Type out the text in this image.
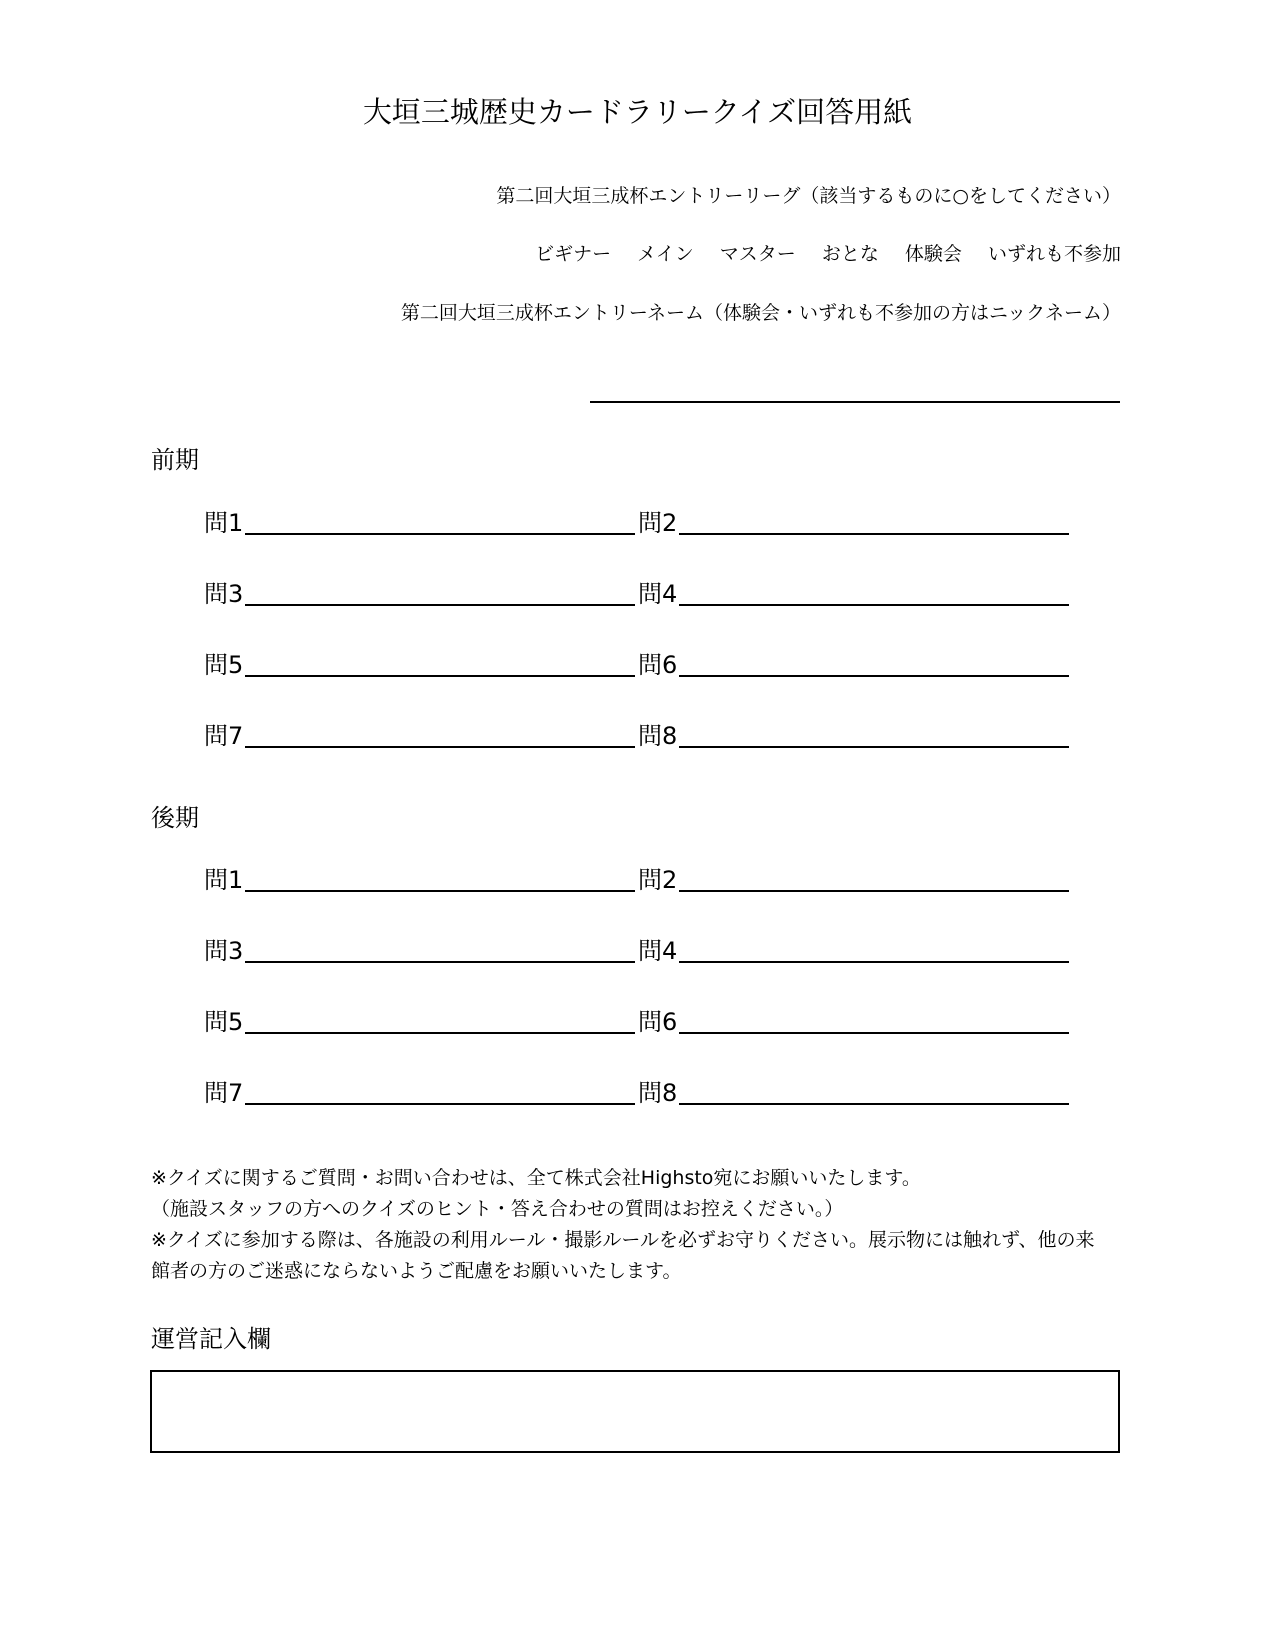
大垣三城歴史カードラリークイズ回答用紙
第二回大垣三成杯エントリーリーグ（該当するものに○をしてください）
ビギナー メイン マスター おとな 体験会 いずれも不参加
第二回大垣三成杯エントリーネーム（体験会・いずれも不参加の方はニックネーム）
前期
問1	問2
問3	問4
問5	問6
問7	問8
後期
問1	問2
問3	問4
問5	問6
問7	問8

※クイズに関するご質問・お問い合わせは、全て株式会社Highsto宛にお願いいたします。

（施設スタッフの方へのクイズのヒント・答え合わせの質問はお控えください。）

※クイズに参加する際は、各施設の利用ルール・撮影ルールを必ずお守りください。展示物には触れず、他の来館者の方のご迷惑にならないようご配慮をお願いいたします。

運営記入欄
